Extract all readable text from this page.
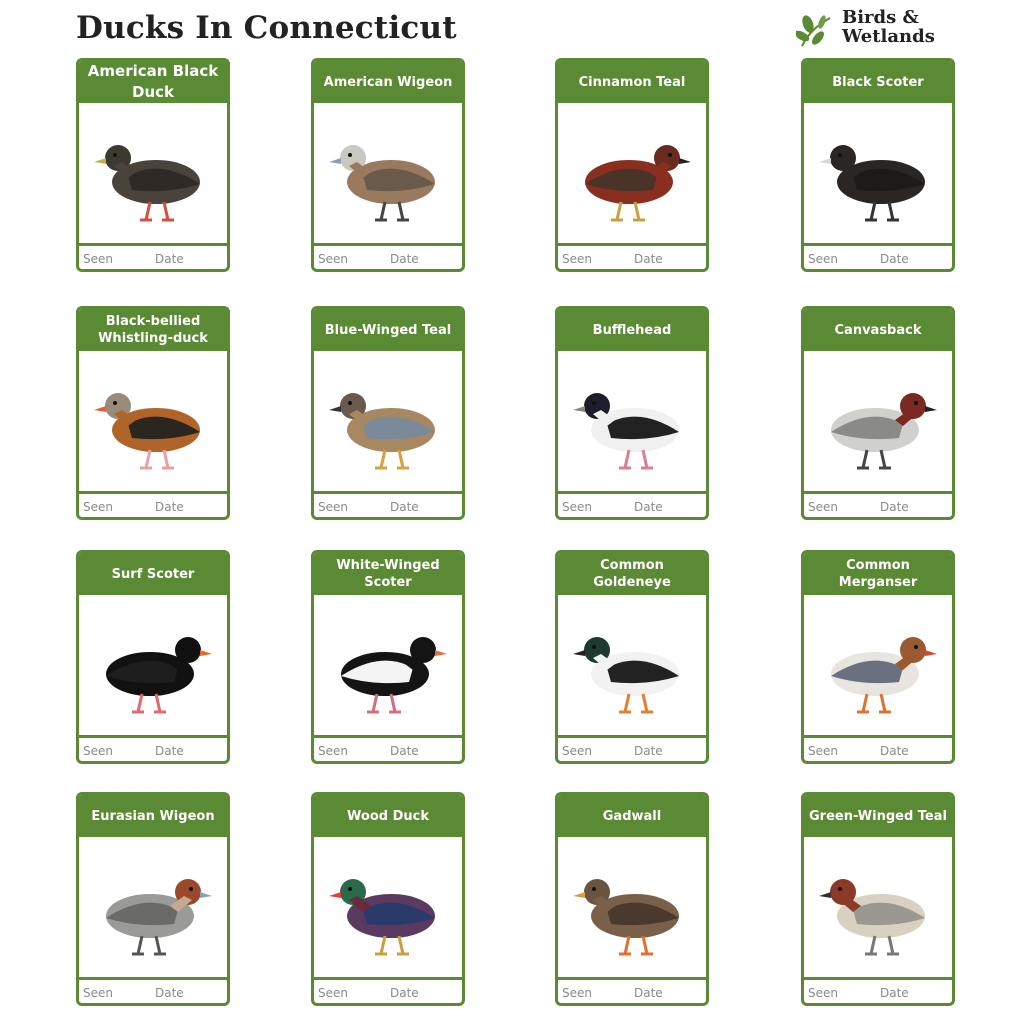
Ducks In Connecticut	Birds &
Wetlands
American Black Duck
Seen	Date
American Wigeon
Seen	Date
Cinnamon Teal
Seen	Date
Black Scoter
Seen	Date
Black-bellied Whistling-duck
Seen	Date
Blue-Winged Teal
Seen	Date
Bufflehead
Seen	Date
Canvasback
Seen	Date
Surf Scoter
Seen	Date
White-Winged Scoter
Seen	Date
Common Goldeneye
Seen	Date
Common Merganser
Seen	Date
Eurasian Wigeon
Seen	Date
Wood Duck
Seen	Date
Gadwall
Seen	Date
Green-Winged Teal
Seen	Date
